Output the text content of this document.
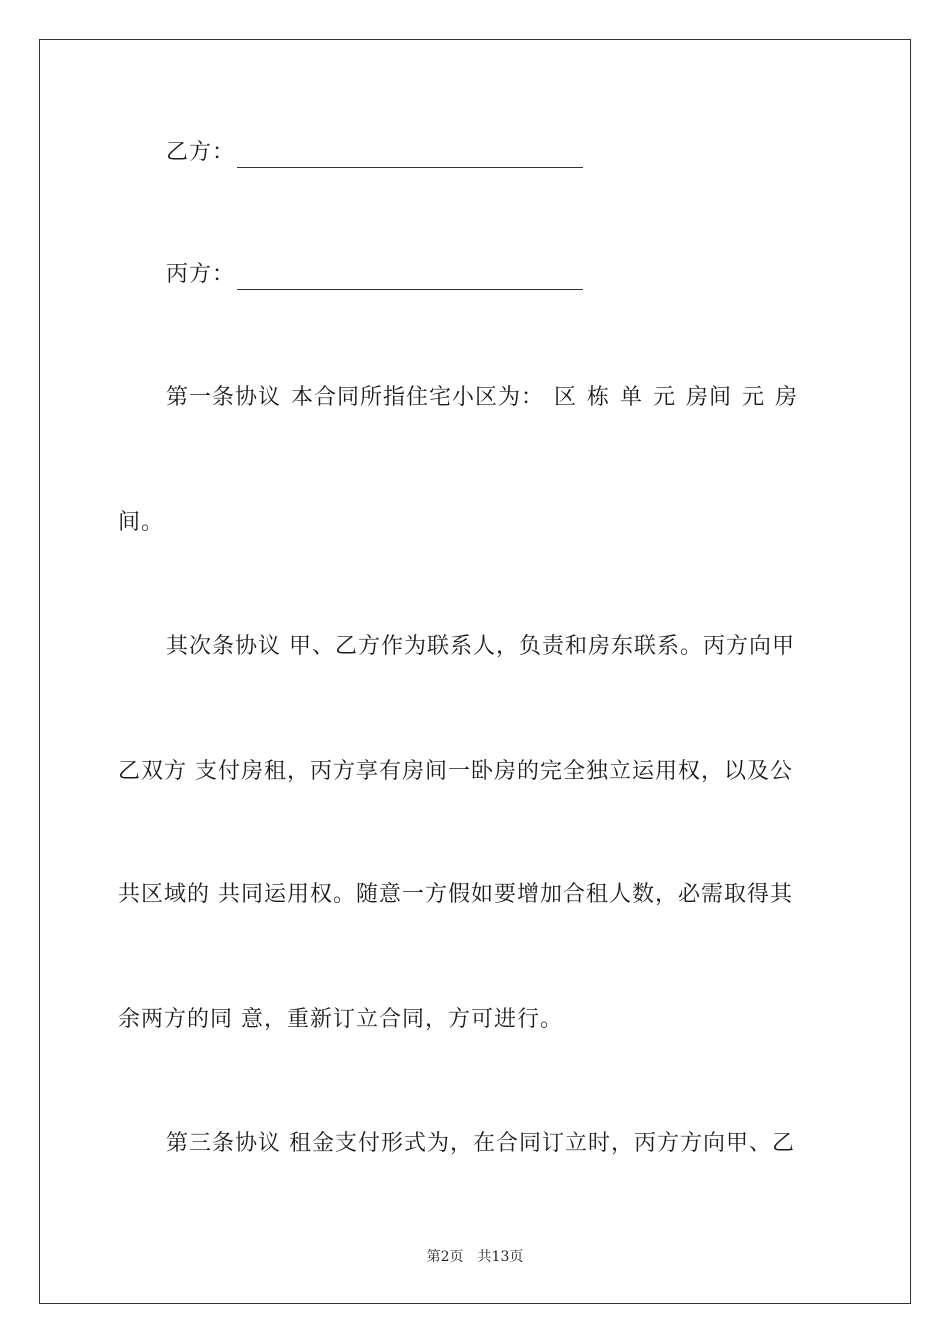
乙方：
丙方：
第一条协议 本合同所指住宅小区为： 区 栋 单 元 房间 元 房
间。
其次条协议 甲、乙方作为联系人，负责和房东联系。丙方向甲
乙双方 支付房租，丙方享有房间一卧房的完全独立运用权，以及公
共区域的 共同运用权。随意一方假如要增加合租人数，必需取得其
余两方的同 意，重新订立合同，方可进行。
第三条协议 租金支付形式为，在合同订立时，丙方方向甲、乙
第2页 共13页
